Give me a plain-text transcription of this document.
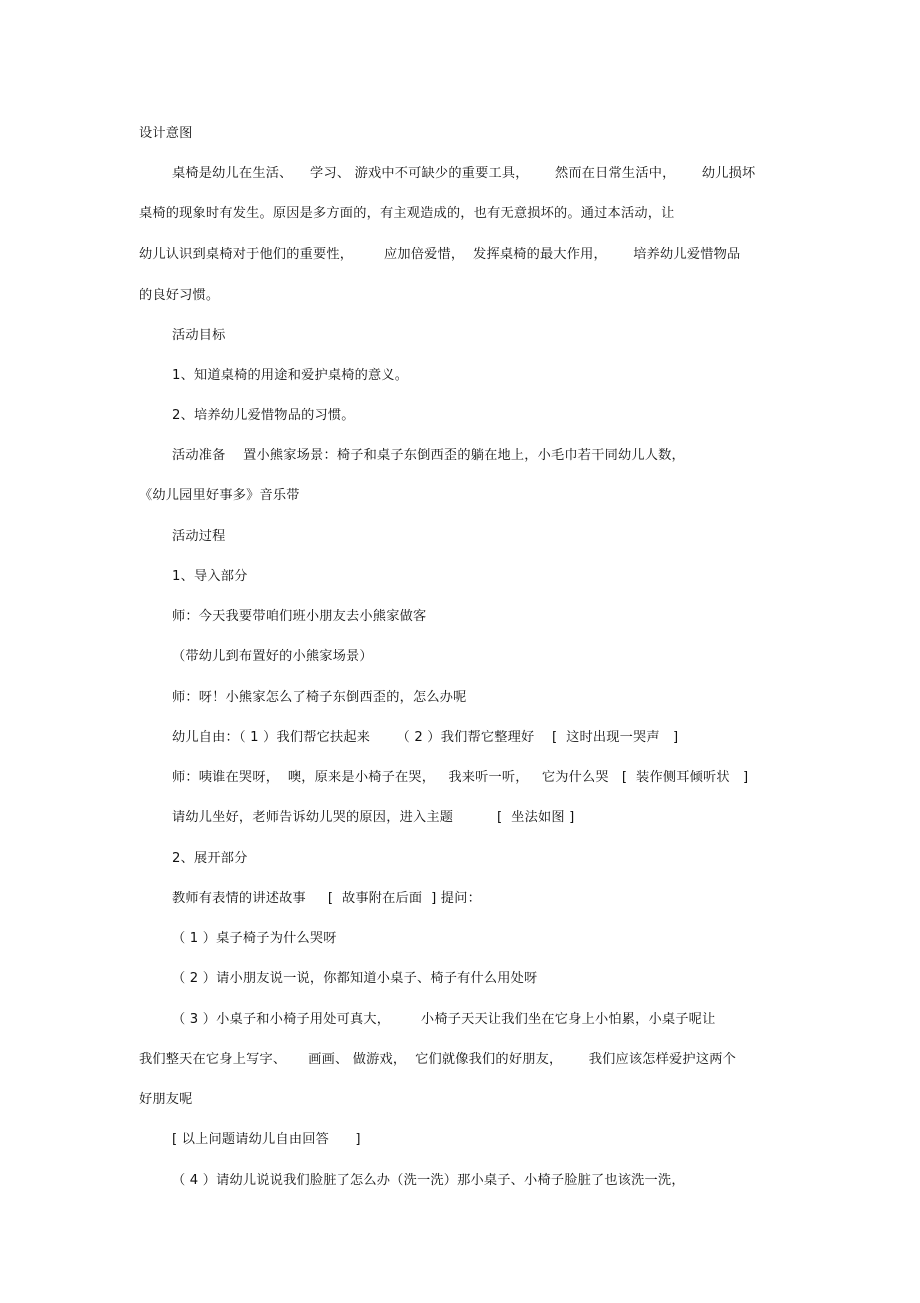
设计意图
桌椅是幼儿在生活、    学习、 游戏中不可缺少的重要工具，      然而在日常生活中，      幼儿损坏
桌椅的现象时有发生。原因是多方面的，有主观造成的，也有无意损坏的。通过本活动，让
幼儿认识到桌椅对于他们的重要性，       应加倍爱惜，  发挥桌椅的最大作用，      培养幼儿爱惜物品
的良好习惯。
活动目标
1、知道桌椅的用途和爱护桌椅的意义。
2、培养幼儿爱惜物品的习惯。
活动准备    置小熊家场景：椅子和桌子东倒西歪的躺在地上，小毛巾若干同幼儿人数，
《幼儿园里好事多》音乐带
活动过程
1、导入部分
师：今天我要带咱们班小朋友去小熊家做客
（带幼儿到布置好的小熊家场景）
师：呀！小熊家怎么了椅子东倒西歪的，怎么办呢
幼儿自由：（ 1 ）我们帮它扶起来      （ 2 ）我们帮它整理好    [  这时出现一哭声   ]
师：咦谁在哭呀，  噢，原来是小椅子在哭，   我来听一听，   它为什么哭   [  装作侧耳倾听状   ]
请幼儿坐好，老师告诉幼儿哭的原因，进入主题          [  坐法如图 ]
2、展开部分
教师有表情的讲述故事     [  故事附在后面  ] 提问：
（ 1 ）桌子椅子为什么哭呀
（ 2 ）请小朋友说一说，你都知道小桌子、椅子有什么用处呀
（ 3 ）小桌子和小椅子用处可真大，       小椅子天天让我们坐在它身上小怕累，小桌子呢让
我们整天在它身上写字、     画画、 做游戏，  它们就像我们的好朋友，      我们应该怎样爱护这两个
好朋友呢
[ 以上问题请幼儿自由回答      ]
（ 4 ）请幼儿说说我们脸脏了怎么办（洗一洗）那小桌子、小椅子脸脏了也该洗一洗，
